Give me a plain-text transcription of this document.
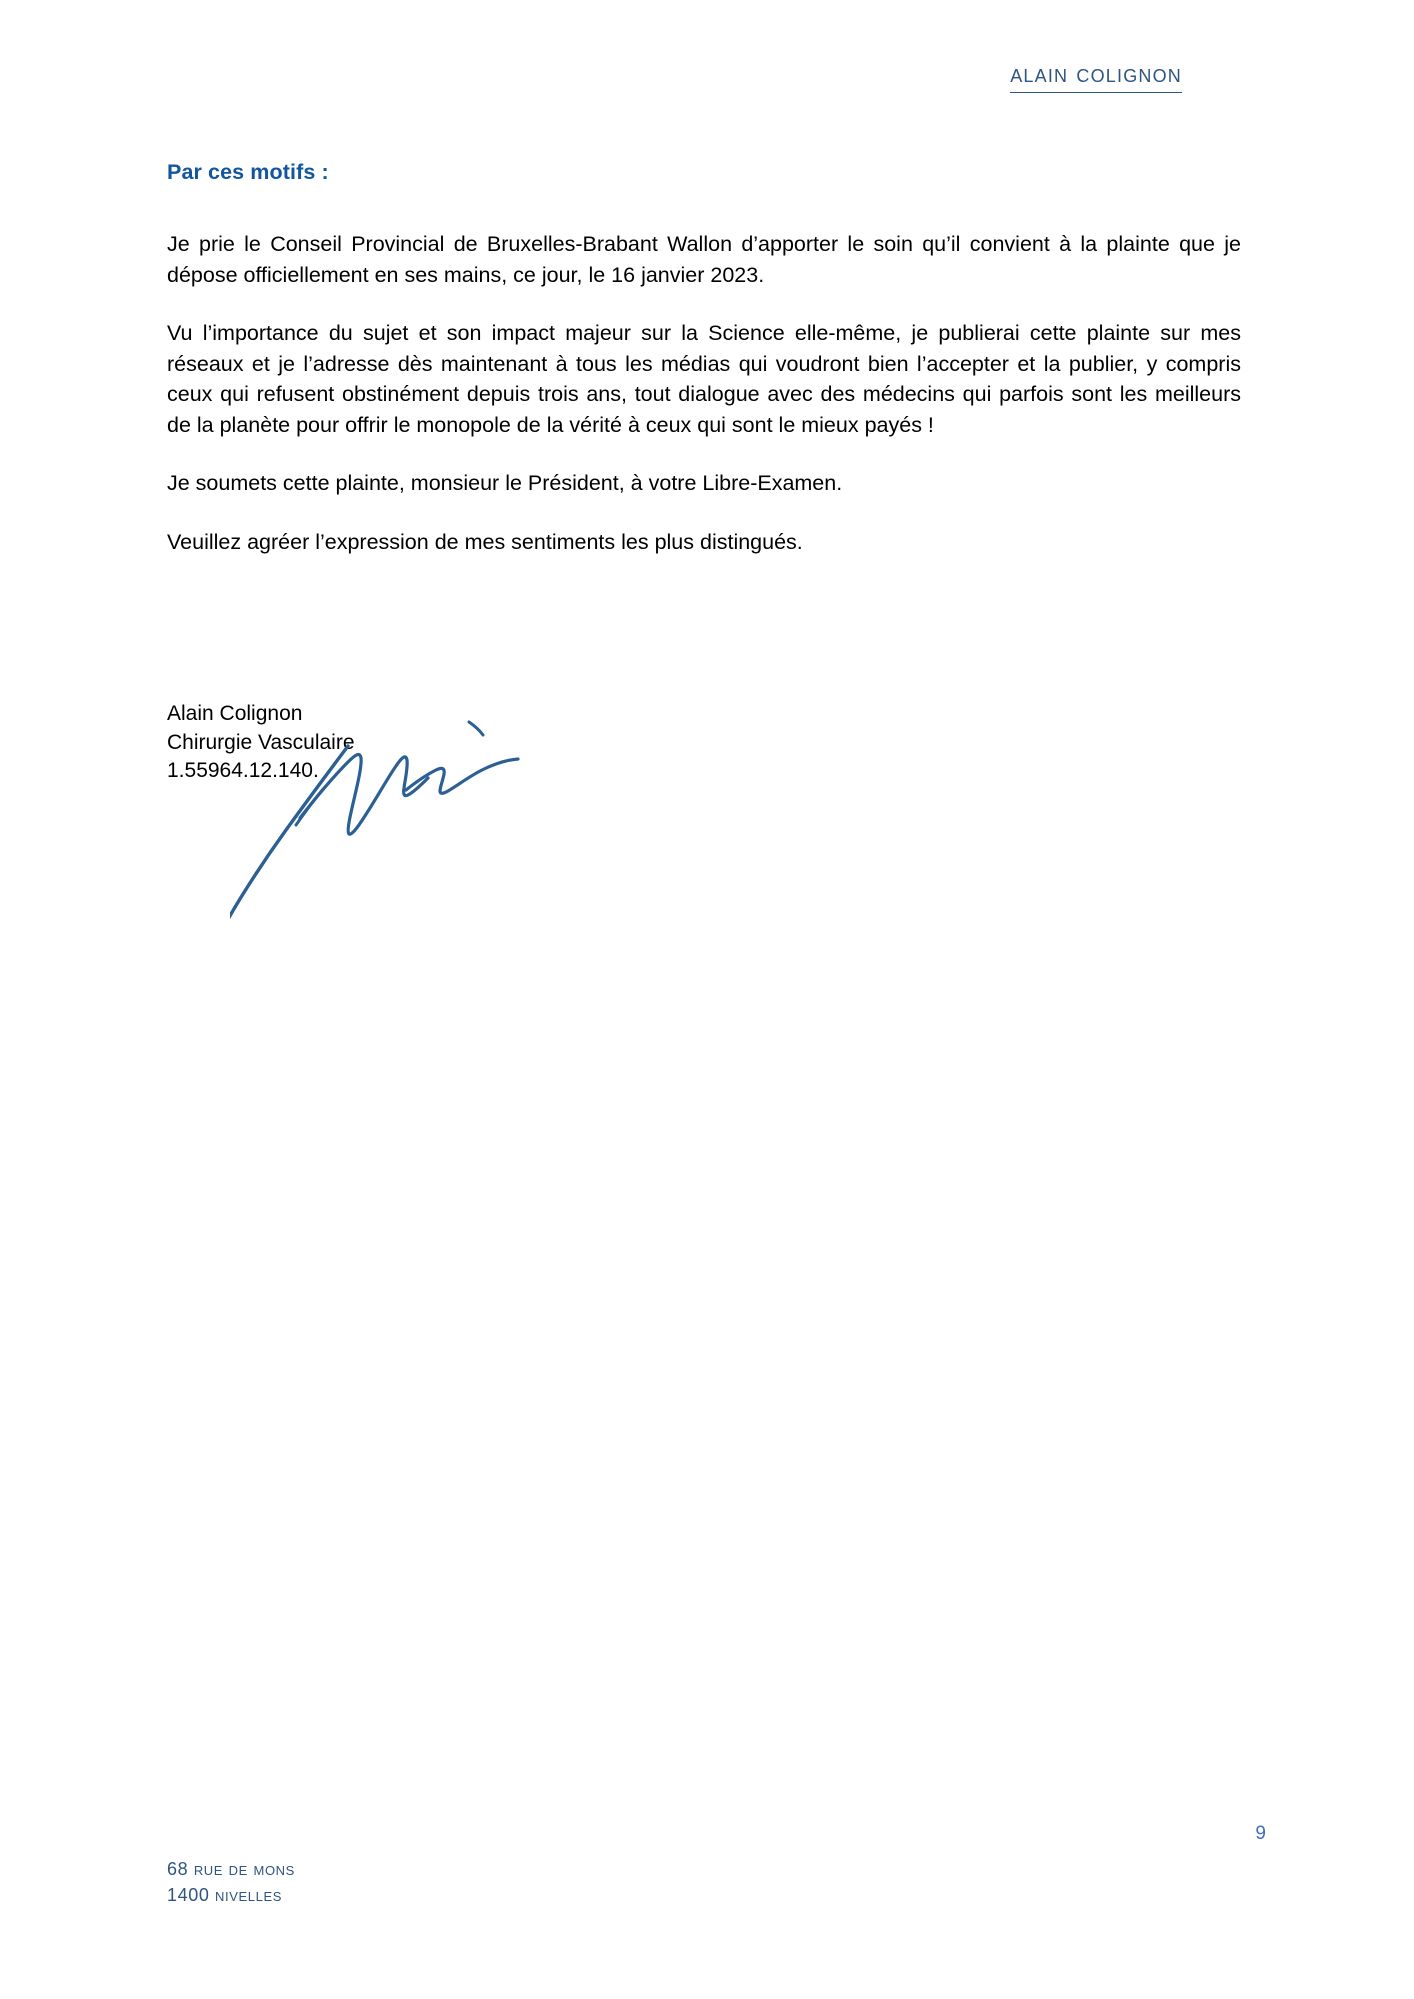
alain colignon

Par ces motifs :

Je prie le Conseil Provincial de Bruxelles-Brabant Wallon d’apporter le soin qu’il convient à la plainte que je dépose officiellement en ses mains, ce jour, le 16 janvier 2023.

Vu l’importance du sujet et son impact majeur sur la Science elle-même, je publierai cette plainte sur mes réseaux et je l’adresse dès maintenant à tous les médias qui voudront bien l’accepter et la publier, y compris ceux qui refusent obstinément depuis trois ans, tout dialogue avec des médecins qui parfois sont les meilleurs de la planète pour offrir le monopole de la vérité à ceux qui sont le mieux payés !

Je soumets cette plainte, monsieur le Président, à votre Libre-Examen.

Veuillez agréer l’expression de mes sentiments les plus distingués.

Alain Colignon
Chirurgie Vasculaire
1.55964.12.140.
9
68 rue de mons
1400 nivelles
